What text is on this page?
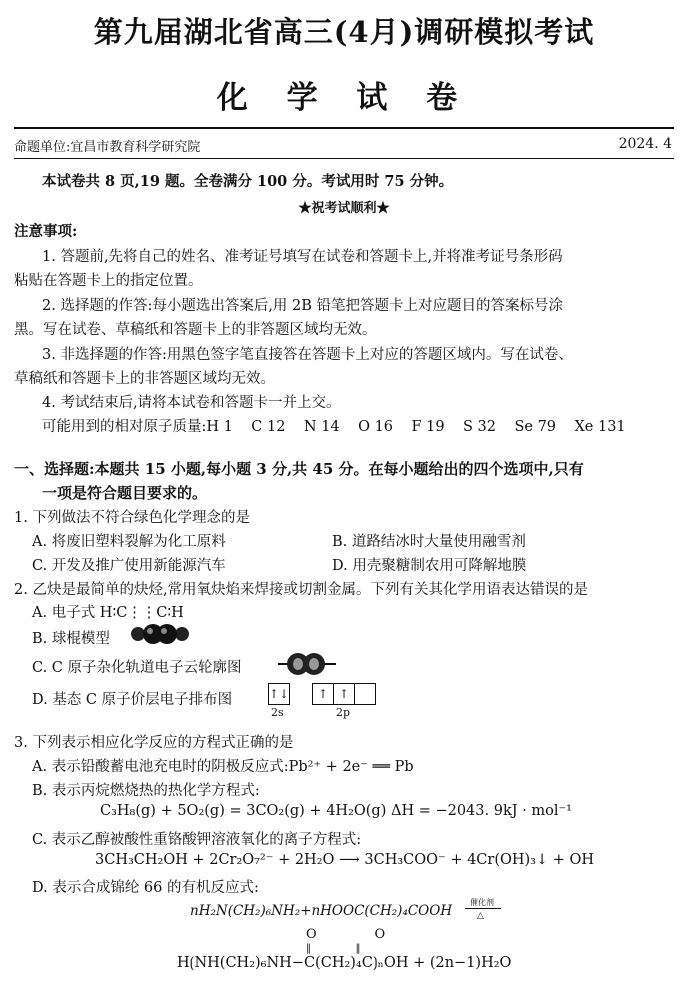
第九届湖北省高三(4月)调研模拟考试
化 学 试 卷
命题单位:宜昌市教育科学研究院	2024. 4
本试卷共 8 页,19 题。全卷满分 100 分。考试用时 75 分钟。
★祝考试顺利★
注意事项:
1. 答题前,先将自己的姓名、准考证号填写在试卷和答题卡上,并将准考证号条形码
粘贴在答题卡上的指定位置。
2. 选择题的作答:每小题选出答案后,用 2B 铅笔把答题卡上对应题目的答案标号涂
黑。写在试卷、草稿纸和答题卡上的非答题区域均无效。
3. 非选择题的作答:用黑色签字笔直接答在答题卡上对应的答题区域内。写在试卷、
草稿纸和答题卡上的非答题区域均无效。
4. 考试结束后,请将本试卷和答题卡一并上交。
可能用到的相对原子质量:H 1    C 12    N 14    O 16    F 19    S 32    Se 79    Xe 131
一、选择题:本题共 15 小题,每小题 3 分,共 45 分。在每小题给出的四个选项中,只有
一项是符合题目要求的。
1. 下列做法不符合绿色化学理念的是
A. 将废旧塑料裂解为化工原料	B. 道路结冰时大量使用融雪剂
C. 开发及推广使用新能源汽车	D. 用壳聚糖制农用可降解地膜
2. 乙炔是最简单的炔烃,常用氧炔焰来焊接或切割金属。下列有关其化学用语表达错误的是
A. 电子式 H∶C⋮⋮C∶H
B. 球棍模型
C. C 原子杂化轨道电子云轮廓图
D. 基态 C 原子价层电子排布图	↑↓	↑ ↑
2s	2p
3. 下列表示相应化学反应的方程式正确的是
A. 表示铅酸蓄电池充电时的阴极反应式:Pb²⁺ + 2e⁻ ══ Pb
B. 表示丙烷燃烧热的热化学方程式:
C₃H₈(g) + 5O₂(g) = 3CO₂(g) + 4H₂O(g) ΔH = −2043. 9kJ · mol⁻¹
C. 表示乙醇被酸性重铬酸钾溶液氧化的离子方程式:
3CH₃CH₂OH + 2Cr₂O₇²⁻ + 2H₂O ⟶ 3CH₃COO⁻ + 4Cr(OH)₃↓ + OH
D. 表示合成锦纶 66 的有机反应式:
nH₂N(CH₂)₆NH₂+nHOOC(CH₂)₄COOH
催化剂
△
O              O
‖              ‖
H⟮NH(CH₂)₆NH−C(CH₂)₄C⟯ₙOH + (2n−1)H₂O
